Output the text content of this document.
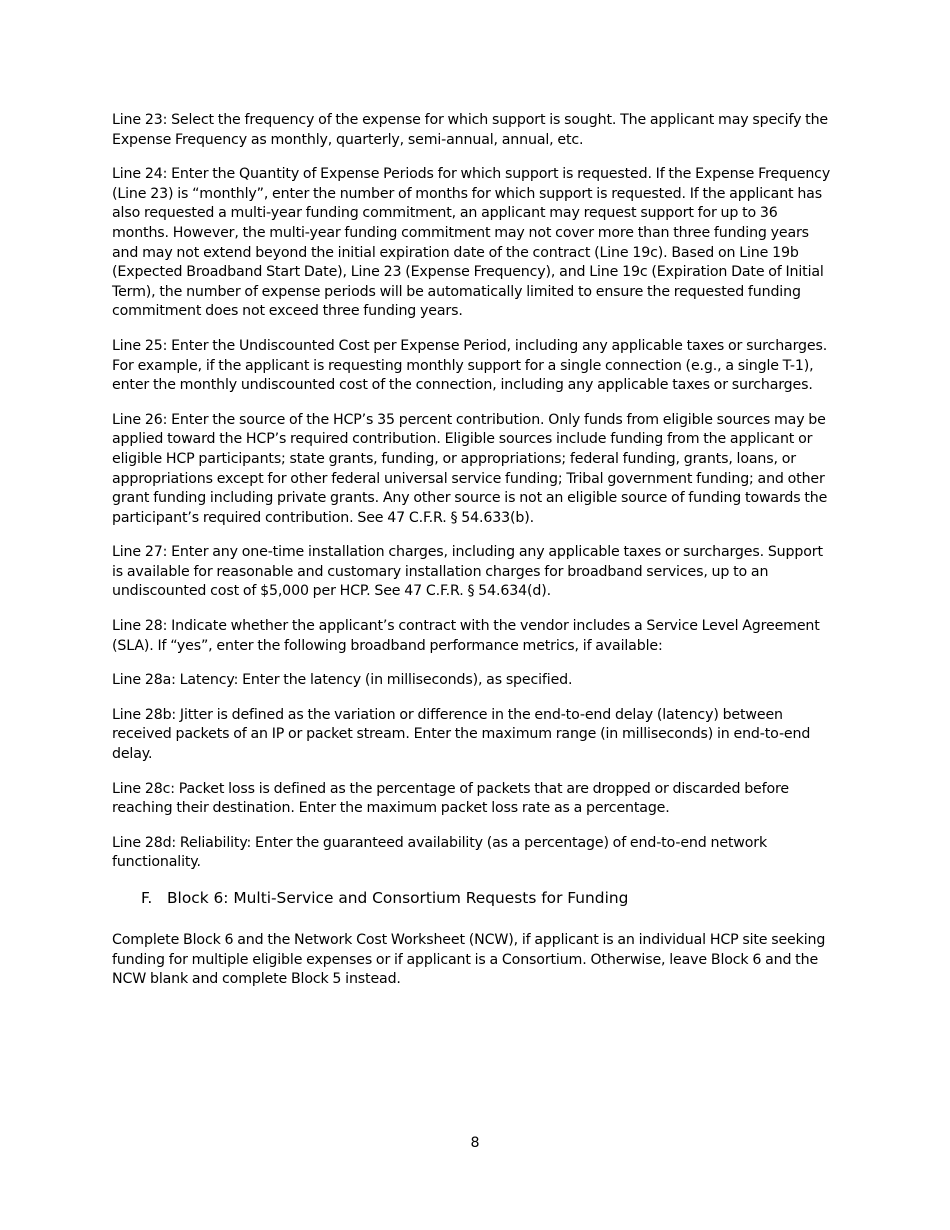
Line 23: Select the frequency of the expense for which support is sought. The applicant may specify the Expense Frequency as monthly, quarterly, semi-annual, annual, etc.

Line 24: Enter the Quantity of Expense Periods for which support is requested. If the Expense Frequency (Line 23) is “monthly”, enter the number of months for which support is requested. If the applicant has also requested a multi-year funding commitment, an applicant may request support for up to 36 months. However, the multi-year funding commitment may not cover more than three funding years and may not extend beyond the initial expiration date of the contract (Line 19c). Based on Line 19b (Expected Broadband Start Date), Line 23 (Expense Frequency), and Line 19c (Expiration Date of Initial Term), the number of expense periods will be automatically limited to ensure the requested funding commitment does not exceed three funding years.

Line 25: Enter the Undiscounted Cost per Expense Period, including any applicable taxes or surcharges. For example, if the applicant is requesting monthly support for a single connection (e.g., a single T-1), enter the monthly undiscounted cost of the connection, including any applicable taxes or surcharges.

Line 26: Enter the source of the HCP’s 35 percent contribution. Only funds from eligible sources may be applied toward the HCP’s required contribution. Eligible sources include funding from the applicant or eligible HCP participants; state grants, funding, or appropriations; federal funding, grants, loans, or appropriations except for other federal universal service funding; Tribal government funding; and other grant funding including private grants. Any other source is not an eligible source of funding towards the participant’s required contribution. See 47 C.F.R. § 54.633(b).

Line 27: Enter any one-time installation charges, including any applicable taxes or surcharges. Support is available for reasonable and customary installation charges for broadband services, up to an undiscounted cost of $5,000 per HCP. See 47 C.F.R. § 54.634(d).

Line 28: Indicate whether the applicant’s contract with the vendor includes a Service Level Agreement (SLA). If “yes”, enter the following broadband performance metrics, if available:

Line 28a: Latency: Enter the latency (in milliseconds), as specified.

Line 28b: Jitter is defined as the variation or difference in the end-to-end delay (latency) between received packets of an IP or packet stream. Enter the maximum range (in milliseconds) in end-to-end delay.

Line 28c: Packet loss is defined as the percentage of packets that are dropped or discarded before reaching their destination. Enter the maximum packet loss rate as a percentage.

Line 28d: Reliability: Enter the guaranteed availability (as a percentage) of end-to-end network functionality.

F. Block 6: Multi-Service and Consortium Requests for Funding

Complete Block 6 and the Network Cost Worksheet (NCW), if applicant is an individual HCP site seeking funding for multiple eligible expenses or if applicant is a Consortium. Otherwise, leave Block 6 and the NCW blank and complete Block 5 instead.

8
